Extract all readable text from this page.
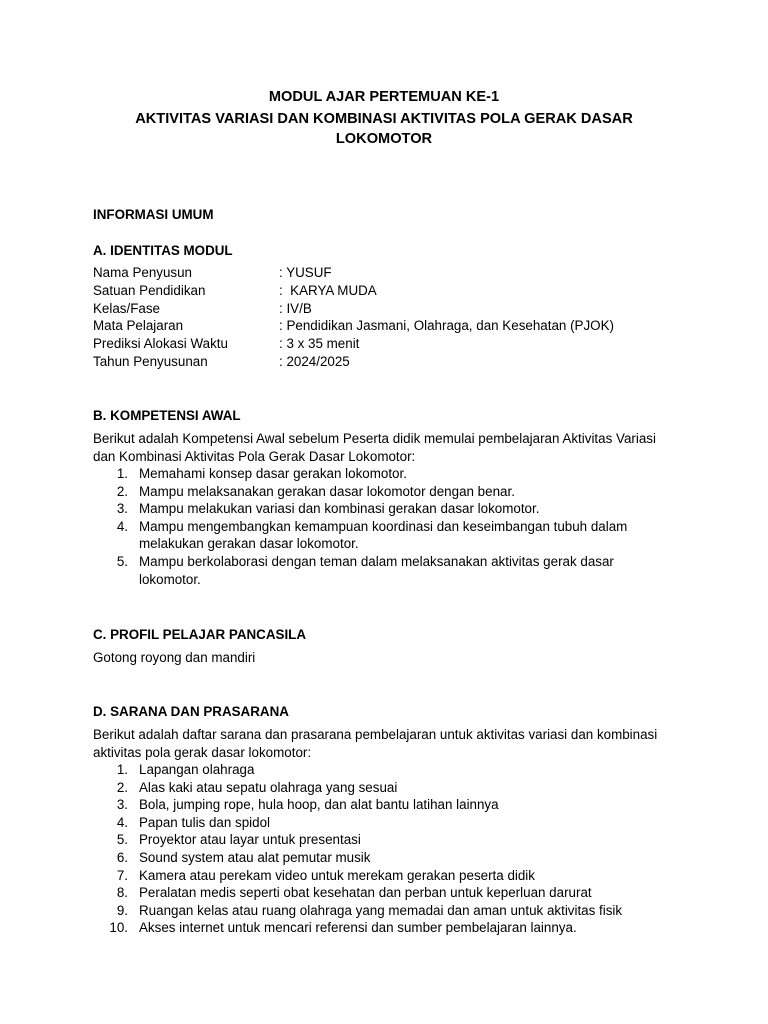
MODUL AJAR PERTEMUAN KE-1
AKTIVITAS VARIASI DAN KOMBINASI AKTIVITAS POLA GERAK DASAR
LOKOMOTOR
INFORMASI UMUM
A. IDENTITAS MODUL
Nama Penyusun	: YUSUF
Satuan Pendidikan	:  KARYA MUDA
Kelas/Fase	: IV/B
Mata Pelajaran	: Pendidikan Jasmani, Olahraga, dan Kesehatan (PJOK)
Prediksi Alokasi Waktu	: 3 x 35 menit
Tahun Penyusunan	: 2024/2025
B. KOMPETENSI AWAL

Berikut adalah Kompetensi Awal sebelum Peserta didik memulai pembelajaran Aktivitas Variasi dan Kombinasi Aktivitas Pola Gerak Dasar Lokomotor:

1. Memahami konsep dasar gerakan lokomotor.
2. Mampu melaksanakan gerakan dasar lokomotor dengan benar.
3. Mampu melakukan variasi dan kombinasi gerakan dasar lokomotor.
4. Mampu mengembangkan kemampuan koordinasi dan keseimbangan tubuh dalam melakukan gerakan dasar lokomotor.
5. Mampu berkolaborasi dengan teman dalam melaksanakan aktivitas gerak dasar lokomotor.
C. PROFIL PELAJAR PANCASILA

Gotong royong dan mandiri

D. SARANA DAN PRASARANA

Berikut adalah daftar sarana dan prasarana pembelajaran untuk aktivitas variasi dan kombinasi aktivitas pola gerak dasar lokomotor:

1. Lapangan olahraga
2. Alas kaki atau sepatu olahraga yang sesuai
3. Bola, jumping rope, hula hoop, dan alat bantu latihan lainnya
4. Papan tulis dan spidol
5. Proyektor atau layar untuk presentasi
6. Sound system atau alat pemutar musik
7. Kamera atau perekam video untuk merekam gerakan peserta didik
8. Peralatan medis seperti obat kesehatan dan perban untuk keperluan darurat
9. Ruangan kelas atau ruang olahraga yang memadai dan aman untuk aktivitas fisik
10. Akses internet untuk mencari referensi dan sumber pembelajaran lainnya.
